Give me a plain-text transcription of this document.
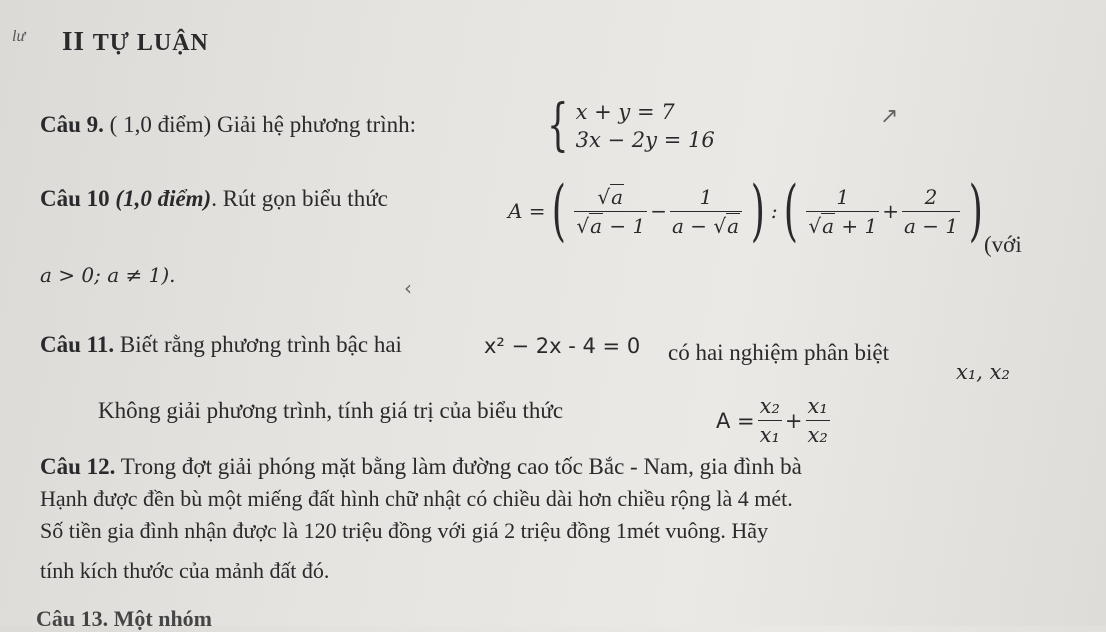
lư II TỰ LUẬN
Câu 9. ( 1,0 điểm) Giải hệ phương trình: { x + y = 7
3x − 2y = 16
↗
Câu 10 (1,0 điểm). Rút gọn biểu thức	A = ( $\frac{√a}{√a - 1} - \frac{1}{a - √a}$ ) : ( $\frac{1}{√a + 1} + \frac{2}{a - 1}$ ) (với
a > 0; a ≠ 1).
‹
Câu 11. Biết rằng phương trình bậc hai	x² − 2x - 4 = 0 có hai nghiệm phân biệt
x₁, x₂
Không giải phương trình, tính giá trị của biểu thức	$A = \frac{\text{x₂}}{\text{x₁}} + \frac{\text{x₁}}{\text{x₂}}$
Câu 12. Trong đợt giải phóng mặt bằng làm đường cao tốc Bắc - Nam, gia đình bà
Hạnh được đền bù một miếng đất hình chữ nhật có chiều dài hơn chiều rộng là 4 mét.
Số tiền gia đình nhận được là 120 triệu đồng với giá 2 triệu đồng 1mét vuông. Hãy
tính kích thước của mảnh đất đó.
Câu 13. Một nhóm
